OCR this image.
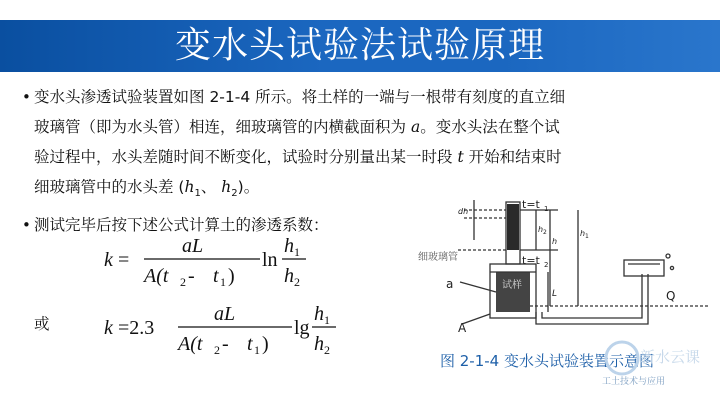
变水头试验法试验原理
• 变水头渗透试验装置如图 2-1-4 所示。将土样的一端与一根带有刻度的直立细

玻璃管（即为水头管）相连，细玻璃管的内横截面积为 a。变水头法在整个试

验过程中，水头差随时间不断变化，试验时分别量出某一时段 t 开始和结束时

细玻璃管中的水头差 ($h_1$、 $h_2$)。

• 测试完毕后按下述公式计算土的渗透系数：
k =
aL
A(t 2 - t 1 )
ln
h 1
h 2
或	k =2.3
aL
A(t 2 - t 1 )
lg
h 1
h 2
dh
t=t 1
t=t 2
h 2
h
h 1
细玻璃管
a	试样
L
A
Q
图 2-1-4 变水头试验装置示意图
新水云课
工土技术与应用
